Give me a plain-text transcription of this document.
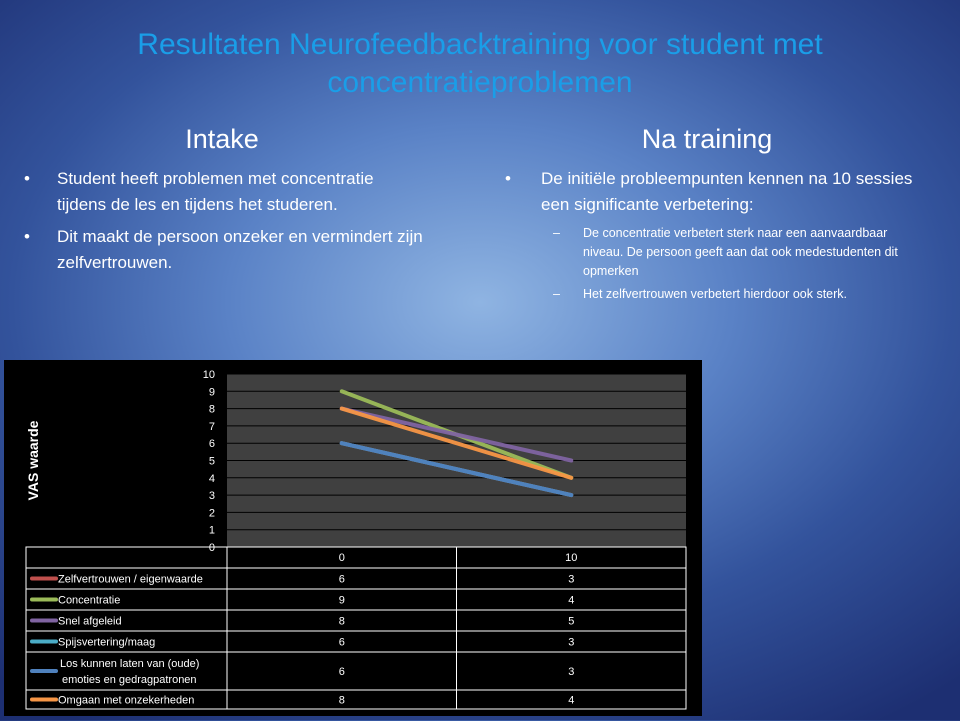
Resultaten Neurofeedbacktraining voor student met concentratieproblemen
Intake	Na training
• Student heeft problemen met concentratie tijdens de les en tijdens het studeren.
• Dit maakt de persoon onzeker en vermindert zijn zelfvertrouwen.
• De initiële probleempunten kennen na 10 sessies een significante verbetering:
– De concentratie verbetert sterk naar een aanvaardbaar niveau. De persoon geeft aan dat ook medestudenten dit opmerken
– Het zelfvertrouwen verbetert hierdoor ook sterk.
0
1
2
3
4
5
6
7
8
9
10
VAS waarde
0	10
Zelfvertrouwen / eigenwaarde	6	3
Concentratie	9	4
Snel afgeleid	8	5
Spijsvertering/maag	6	3
Los kunnen laten van (oude)
emoties en gedragpatronen
6	3
Omgaan met onzekerheden	8	4
